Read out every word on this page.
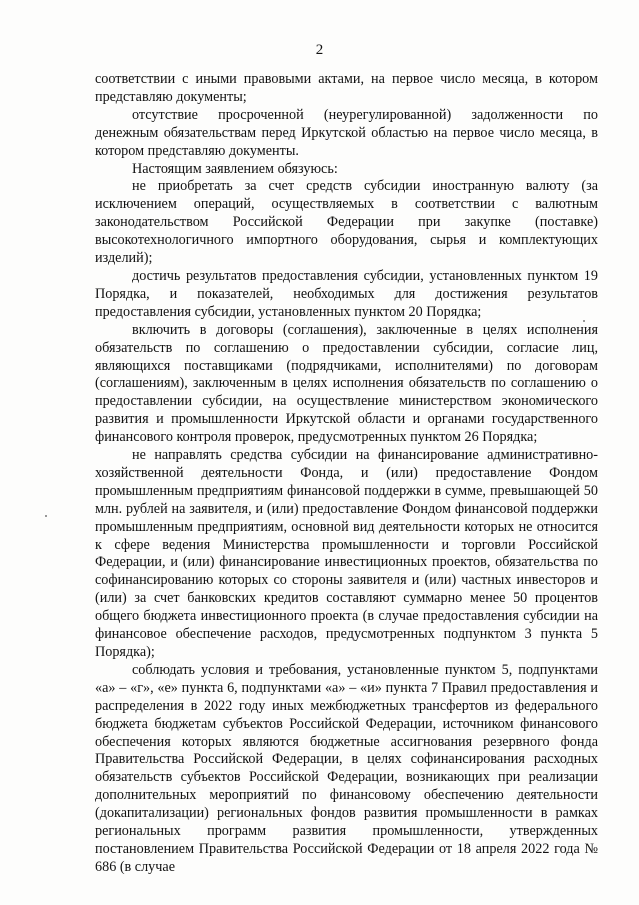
2

соответствии с иными правовыми актами, на первое число месяца, в котором представляю документы;

отсутствие просроченной (неурегулированной) задолженности по денежным обязательствам перед Иркутской областью на первое число месяца, в котором представляю документы.

Настоящим заявлением обязуюсь:

не приобретать за счет средств субсидии иностранную валюту (за исключением операций, осуществляемых в соответствии с валютным законодательством Российской Федерации при закупке (поставке) высокотехнологичного импортного оборудования, сырья и комплектующих изделий);

достичь результатов предоставления субсидии, установленных пунктом 19 Порядка, и показателей, необходимых для достижения результатов предоставления субсидии, установленных пунктом 20 Порядка;

включить в договоры (соглашения), заключенные в целях исполнения обязательств по соглашению о предоставлении субсидии, согласие лиц, являющихся поставщиками (подрядчиками, исполнителями) по договорам (соглашениям), заключенным в целях исполнения обязательств по соглашению о предоставлении субсидии, на осуществление министерством экономического развития и промышленности Иркутской области и органами государственного финансового контроля проверок, предусмотренных пунктом 26 Порядка;

не направлять средства субсидии на финансирование административно-хозяйственной деятельности Фонда, и (или) предоставление Фондом промышленным предприятиям финансовой поддержки в сумме, превышающей 50 млн. рублей на заявителя, и (или) предоставление Фондом финансовой поддержки промышленным предприятиям, основной вид деятельности которых не относится к сфере ведения Министерства промышленности и торговли Российской Федерации, и (или) финансирование инвестиционных проектов, обязательства по софинансированию которых со стороны заявителя и (или) частных инвесторов и (или) за счет банковских кредитов составляют суммарно менее 50 процентов общего бюджета инвестиционного проекта (в случае предоставления субсидии на финансовое обеспечение расходов, предусмотренных подпунктом 3 пункта 5 Порядка);

соблюдать условия и требования, установленные пунктом 5, подпунктами «а» – «г», «е» пункта 6, подпунктами «а» – «и» пункта 7 Правил предоставления и распределения в 2022 году иных межбюджетных трансфертов из федерального бюджета бюджетам субъектов Российской Федерации, источником финансового обеспечения которых являются бюджетные ассигнования резервного фонда Правительства Российской Федерации, в целях софинансирования расходных обязательств субъектов Российской Федерации, возникающих при реализации дополнительных мероприятий по финансовому обеспечению деятельности (докапитализации) региональных фондов развития промышленности в рамках региональных программ развития промышленности, утвержденных постановлением Правительства Российской Федерации от 18 апреля 2022 года № 686 (в случае
